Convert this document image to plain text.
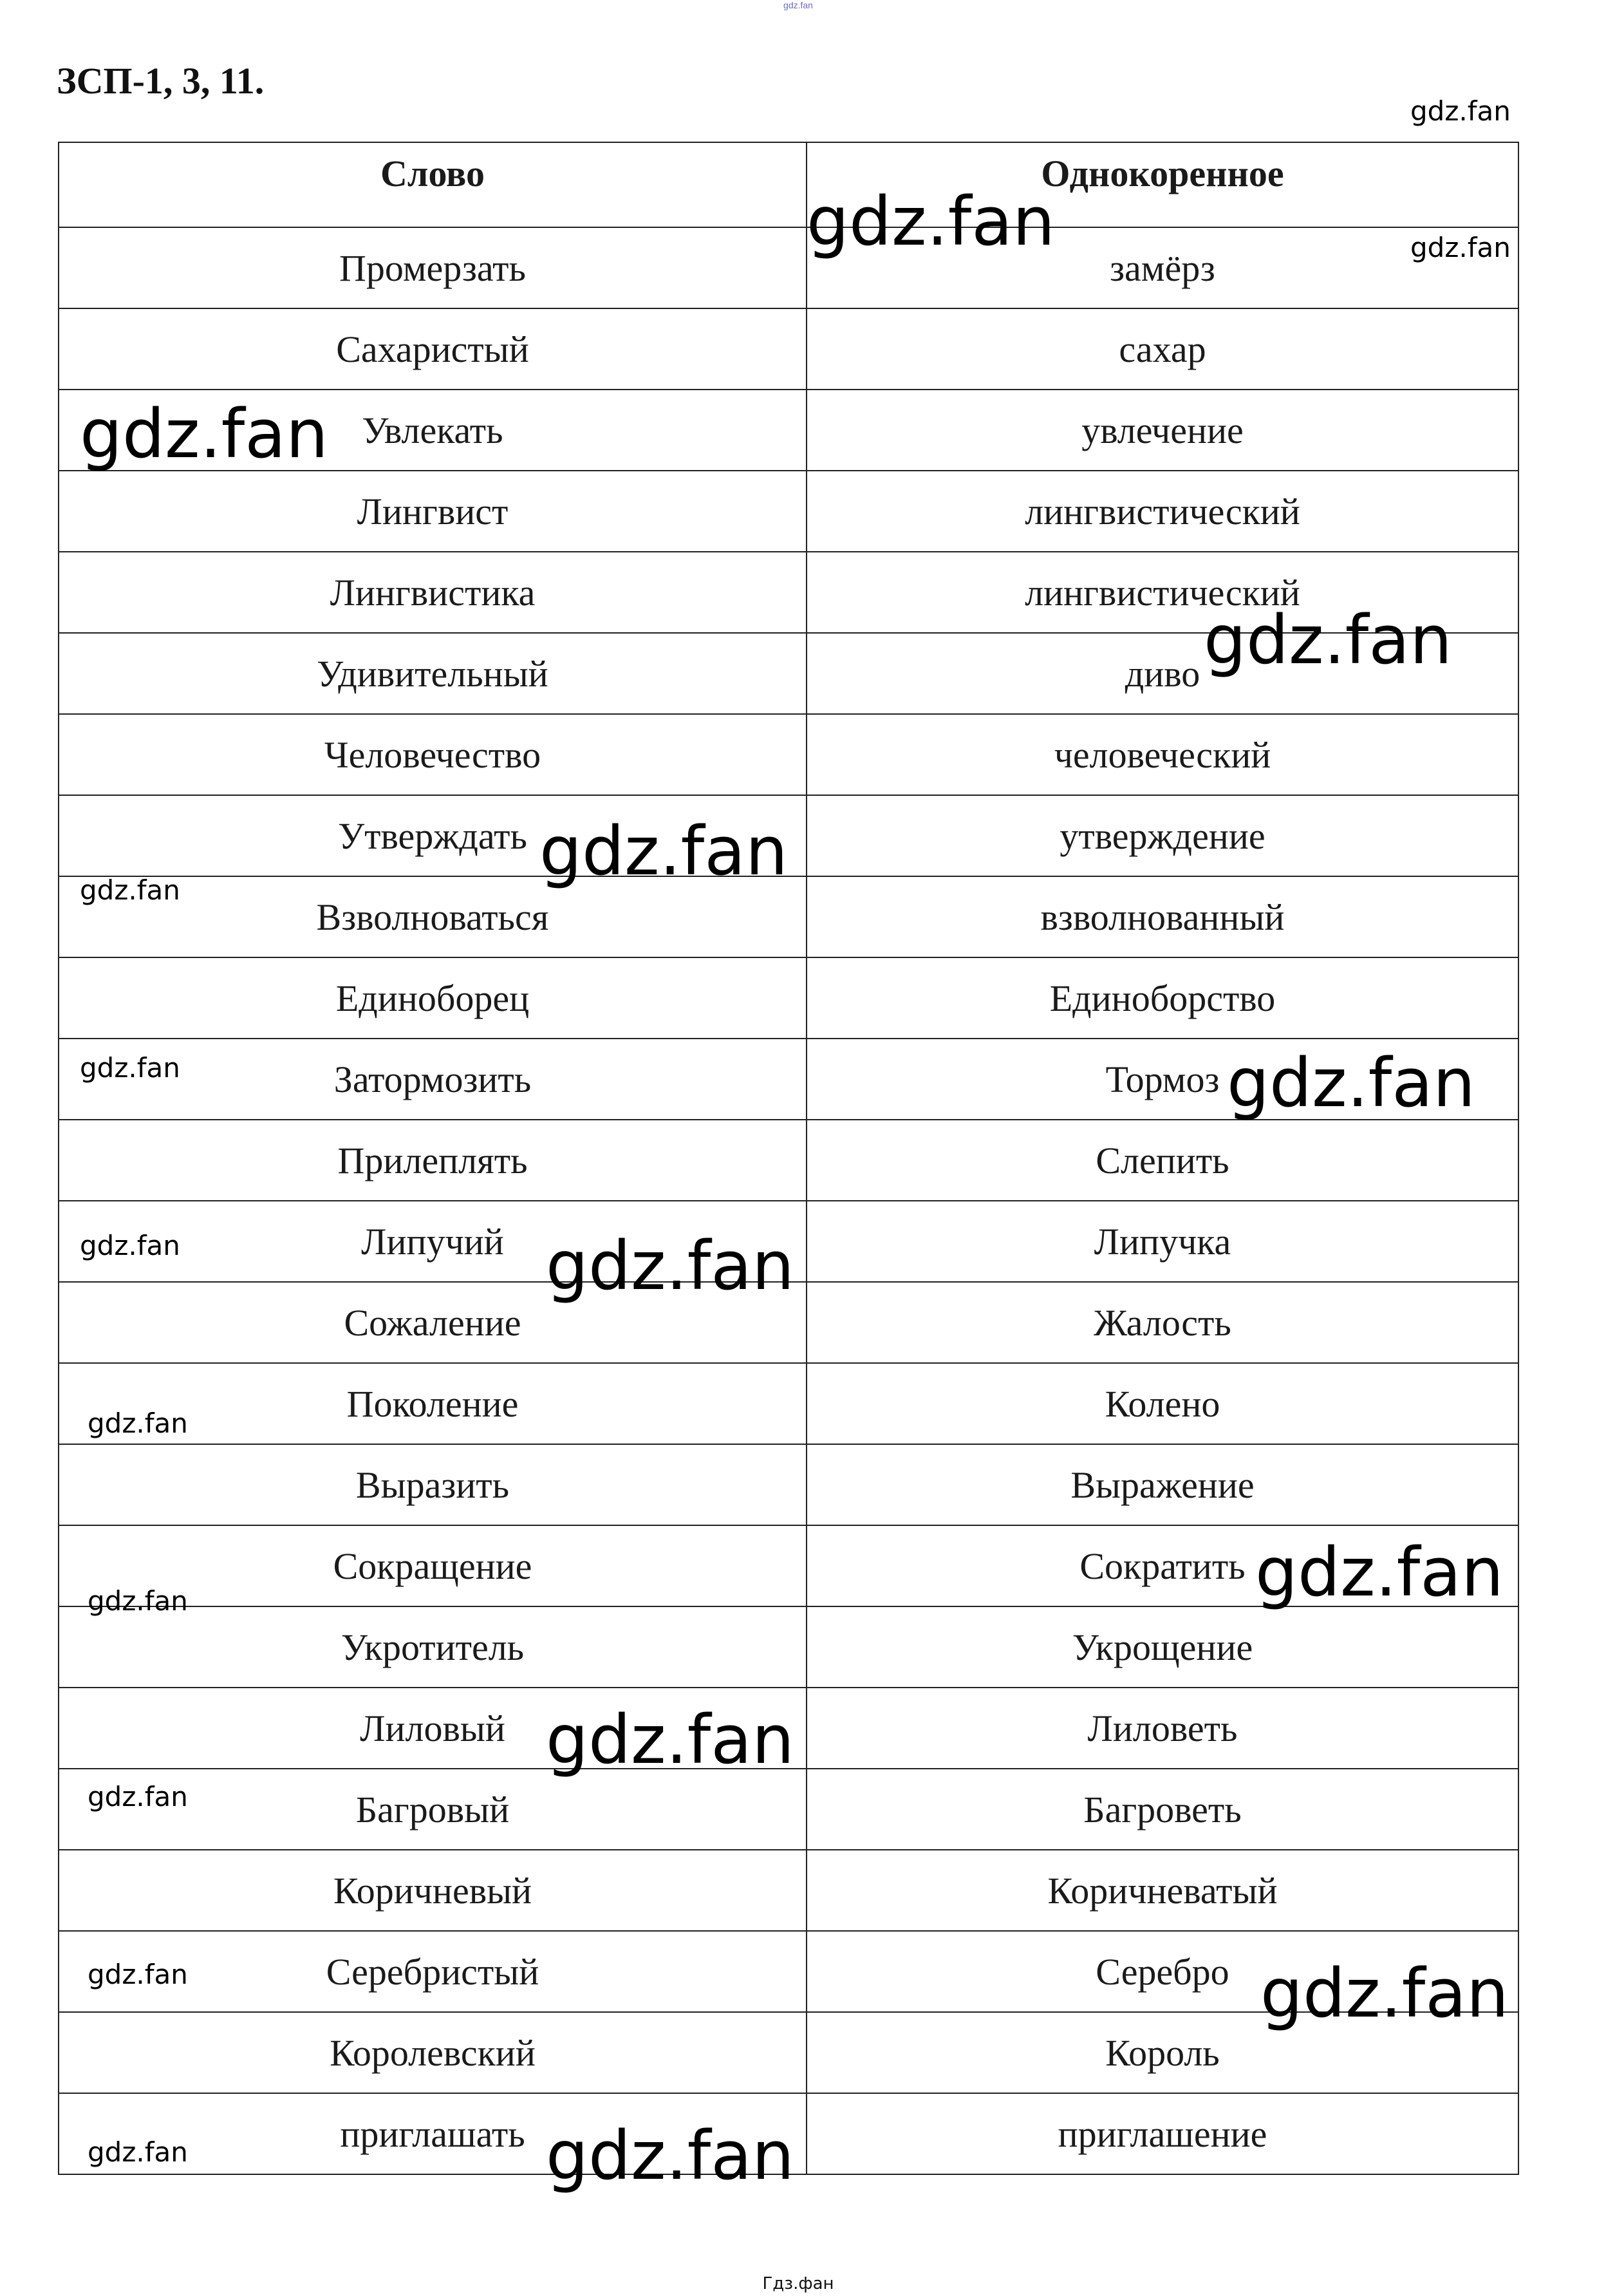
gdz.fan
ЗСП-1, 3, 11.
Слово	Однокоренное
Промерзать	замёрз
Сахаристый	сахар
Увлекать	увлечение
Лингвист	лингвистический
Лингвистика	лингвистический
Удивительный	диво
Человечество	человеческий
Утверждать	утверждение
Взволноваться	взволнованный
Единоборец	Единоборство
Затормозить	Тормоз
Прилеплять	Слепить
Липучий	Липучка
Сожаление	Жалость
Поколение	Колено
Выразить	Выражение
Сокращение	Сократить
Укротитель	Укрощение
Лиловый	Лиловеть
Багровый	Багроветь
Коричневый	Коричневатый
Серебристый	Серебро
Королевский	Король
приглашать	приглашение
gdz.fan
gdz.fan	gdz.fan
gdz.fan
gdz.fan
gdz.fan
gdz.fan
gdz.fan	gdz.fan
gdz.fan	gdz.fan
gdz.fan
gdz.fan	gdz.fan
gdz.fan
gdz.fan
gdz.fan	gdz.fan
gdz.fan	gdz.fan
Гдз.фан
